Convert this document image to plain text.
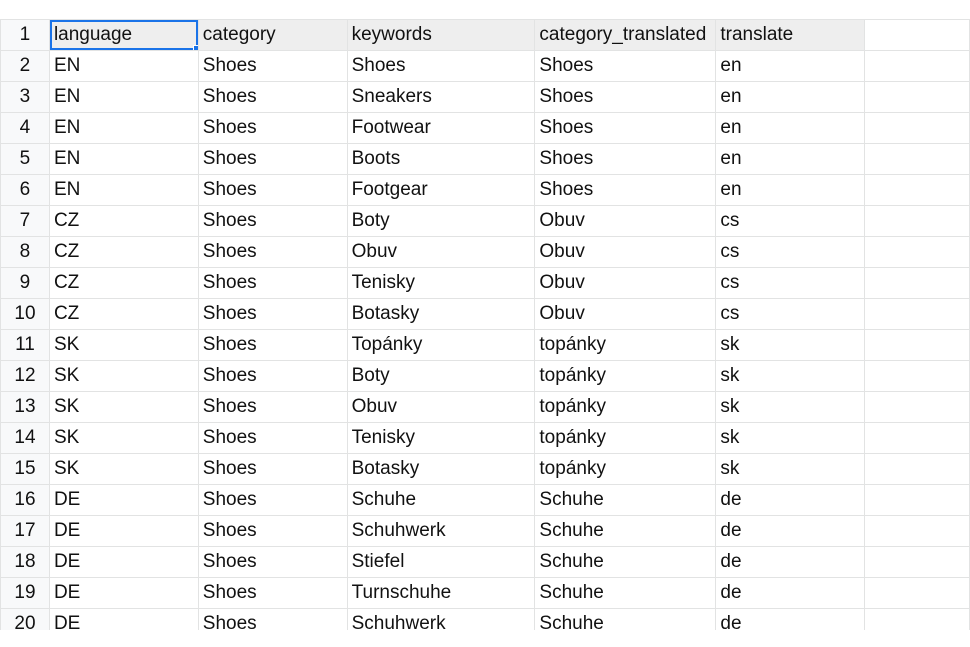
1	language	category	keywords	category_translated	translate	
2	EN	Shoes	Shoes	Shoes	en	
3	EN	Shoes	Sneakers	Shoes	en	
4	EN	Shoes	Footwear	Shoes	en	
5	EN	Shoes	Boots	Shoes	en	
6	EN	Shoes	Footgear	Shoes	en	
7	CZ	Shoes	Boty	Obuv	cs	
8	CZ	Shoes	Obuv	Obuv	cs	
9	CZ	Shoes	Tenisky	Obuv	cs	
10	CZ	Shoes	Botasky	Obuv	cs	
11	SK	Shoes	Topánky	topánky	sk	
12	SK	Shoes	Boty	topánky	sk	
13	SK	Shoes	Obuv	topánky	sk	
14	SK	Shoes	Tenisky	topánky	sk	
15	SK	Shoes	Botasky	topánky	sk	
16	DE	Shoes	Schuhe	Schuhe	de	
17	DE	Shoes	Schuhwerk	Schuhe	de	
18	DE	Shoes	Stiefel	Schuhe	de	
19	DE	Shoes	Turnschuhe	Schuhe	de	
20	DE	Shoes	Schuhwerk	Schuhe	de	
